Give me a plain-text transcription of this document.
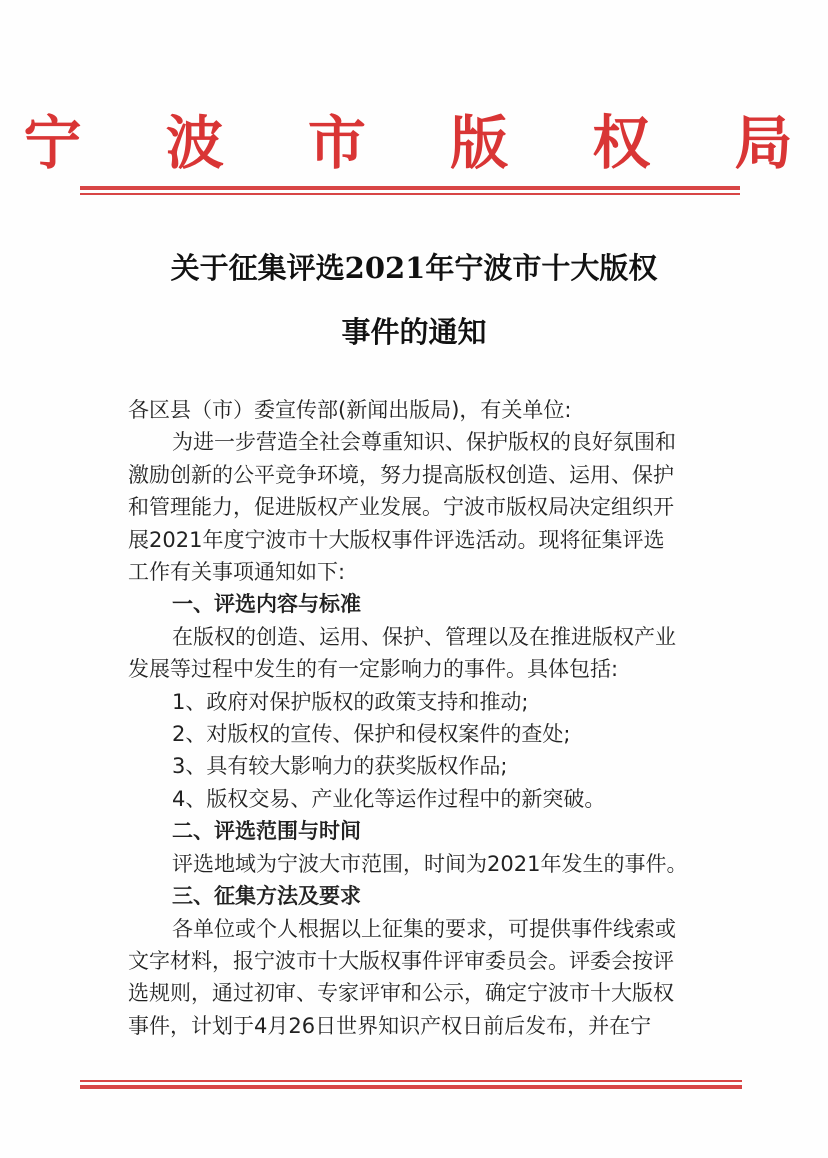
宁 波 市 版 权 局
关于征集评选2021年宁波市十大版权
事件的通知

各区县（市）委宣传部(新闻出版局)，有关单位:

为进一步营造全社会尊重知识、保护版权的良好氛围和

激励创新的公平竞争环境，努力提高版权创造、运用、保护

和管理能力，促进版权产业发展。宁波市版权局决定组织开

展2021年度宁波市十大版权事件评选活动。现将征集评选

工作有关事项通知如下:

一、评选内容与标准

在版权的创造、运用、保护、管理以及在推进版权产业

发展等过程中发生的有一定影响力的事件。具体包括:

1、政府对保护版权的政策支持和推动;

2、对版权的宣传、保护和侵权案件的查处;

3、具有较大影响力的获奖版权作品;

4、版权交易、产业化等运作过程中的新突破。

二、评选范围与时间

评选地域为宁波大市范围，时间为2021年发生的事件。

三、征集方法及要求

各单位或个人根据以上征集的要求，可提供事件线索或

文字材料，报宁波市十大版权事件评审委员会。评委会按评

选规则，通过初审、专家评审和公示，确定宁波市十大版权

事件，计划于4月26日世界知识产权日前后发布，并在宁
